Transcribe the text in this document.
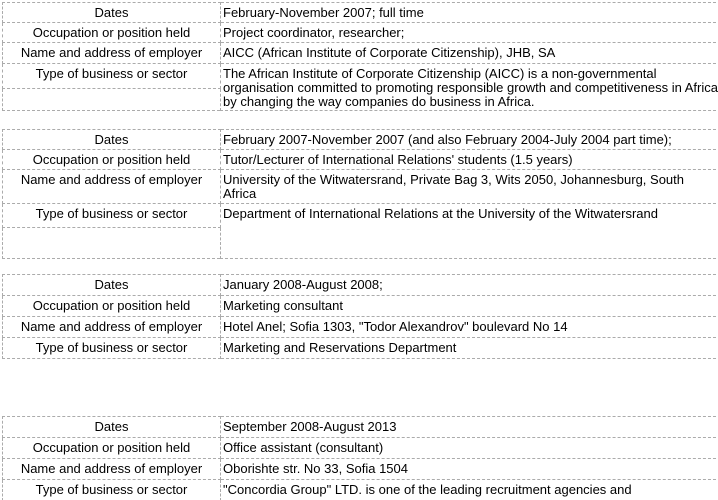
Dates	February-November 2007; full time
Occupation or position held	Project coordinator, researcher;
Name and address of employer	AICC (African Institute of Corporate Citizenship), JHB, SA
Type of business or sector	The African Institute of Corporate Citizenship (AICC) is a non-governmental organisation committed to promoting responsible growth and competitiveness in Africa by changing the way companies do business in Africa.

Dates	February 2007-November 2007 (and also February 2004-July 2004 part time);
Occupation or position held	Tutor/Lecturer of International Relations' students (1.5 years)
Name and address of employer	University of the Witwatersrand, Private Bag 3, Wits 2050, Johannesburg, South Africa
Type of business or sector	Department of International Relations at the University of the Witwatersrand

Dates	January 2008-August 2008;
Occupation or position held	Marketing consultant
Name and address of employer	Hotel Anel; Sofia 1303, "Todor Alexandrov" boulevard No 14
Type of business or sector	Marketing and Reservations Department
Dates	September 2008-August 2013
Occupation or position held	Office assistant (consultant)
Name and address of employer	Oborishte str. No 33, Sofia 1504
Type of business or sector	"Concordia Group" LTD. is one of the leading recruitment agencies and
